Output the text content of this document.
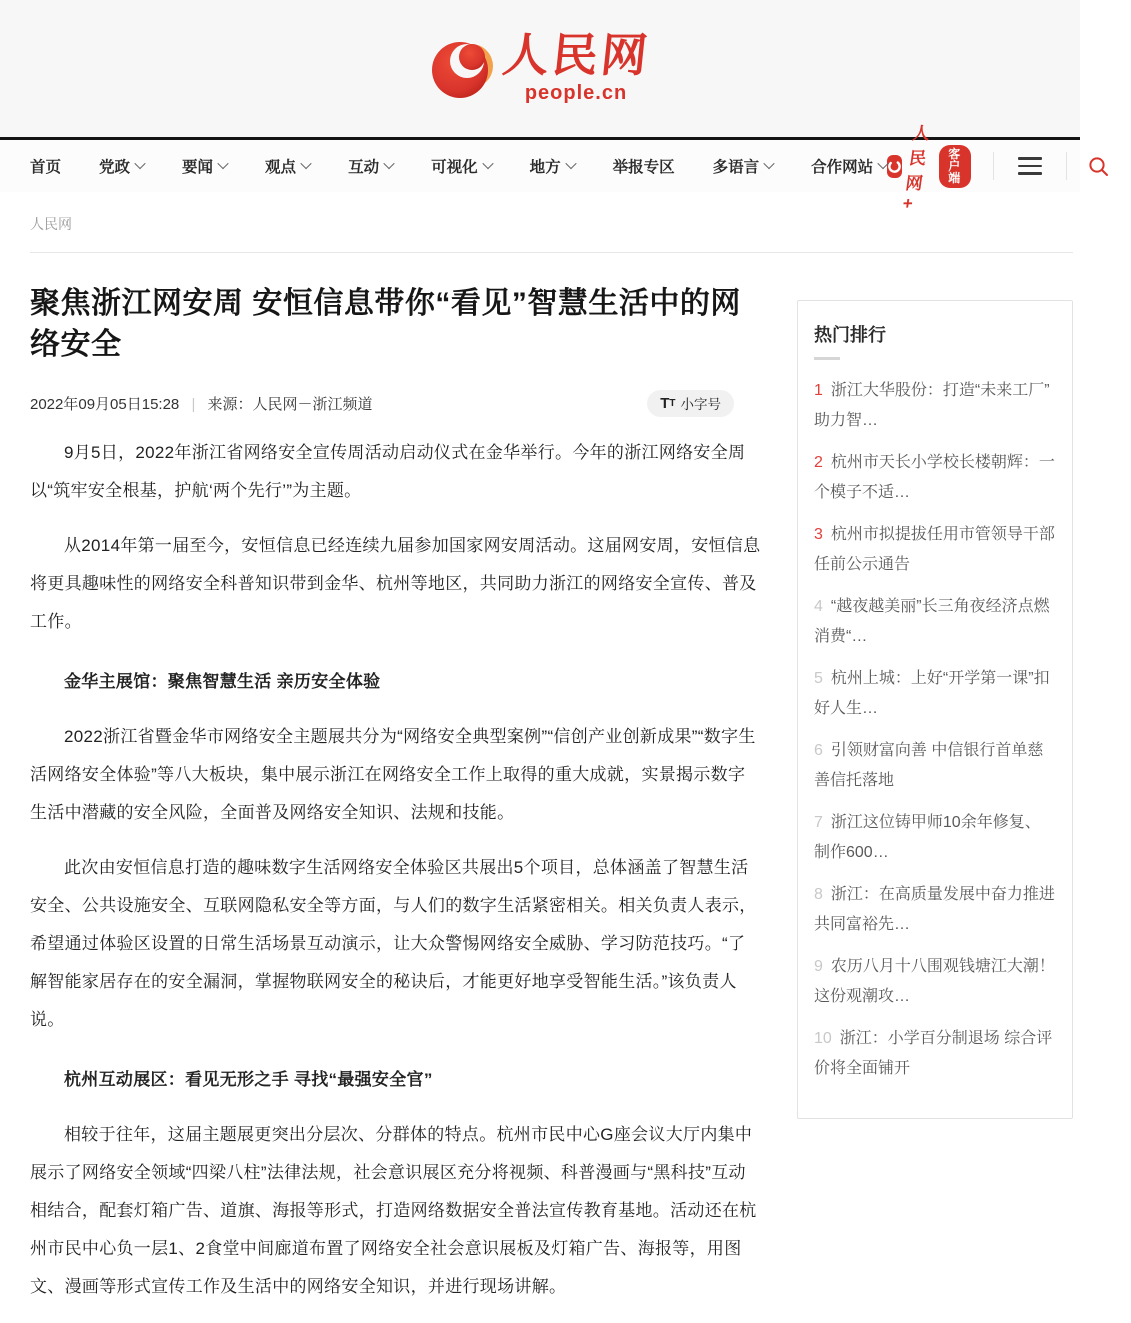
人民网
people.cn
首页 党政	要闻	观点	互动	可视化	地方	举报专区 多语言	合作网站
人民网+
客户端
人民网
聚焦浙江网安周 安恒信息带你“看见”智慧生活中的网络安全
2022年09月05日15:28 | 来源：人民网－浙江频道	T T 小字号

9月5日，2022年浙江省网络安全宣传周活动启动仪式在金华举行。今年的浙江网络安全周以“筑牢安全根基，护航‘两个先行’”为主题。

从2014年第一届至今，安恒信息已经连续九届参加国家网安周活动。这届网安周，安恒信息将更具趣味性的网络安全科普知识带到金华、杭州等地区，共同助力浙江的网络安全宣传、普及工作。

金华主展馆：聚焦智慧生活 亲历安全体验

2022浙江省暨金华市网络安全主题展共分为“网络安全典型案例”“信创产业创新成果”“数字生活网络安全体验”等八大板块，集中展示浙江在网络安全工作上取得的重大成就，实景揭示数字生活中潜藏的安全风险，全面普及网络安全知识、法规和技能。

此次由安恒信息打造的趣味数字生活网络安全体验区共展出5个项目，总体涵盖了智慧生活安全、公共设施安全、互联网隐私安全等方面，与人们的数字生活紧密相关。相关负责人表示，希望通过体验区设置的日常生活场景互动演示，让大众警惕网络安全威胁、学习防范技巧。“了解智能家居存在的安全漏洞，掌握物联网安全的秘诀后，才能更好地享受智能生活。”该负责人说。

杭州互动展区：看见无形之手 寻找“最强安全官”

相较于往年，这届主题展更突出分层次、分群体的特点。杭州市民中心G座会议大厅内集中展示了网络安全领域“四梁八柱”法律法规，社会意识展区充分将视频、科普漫画与“黑科技”互动相结合，配套灯箱广告、道旗、海报等形式，打造网络数据安全普法宣传教育基地。活动还在杭州市民中心负一层1、2食堂中间廊道布置了网络安全社会意识展板及灯箱广告、海报等，用图文、漫画等形式宣传工作及生活中的网络安全知识，并进行现场讲解。

热门排行
1 浙江大华股份：打造“未来工厂” 助力智…
2 杭州市天长小学校长楼朝辉：一个模子不适…
3 杭州市拟提拔任用市管领导干部任前公示通告
4 “越夜越美丽”长三角夜经济点燃消费“…
5 杭州上城：上好“开学第一课”扣好人生…
6 引领财富向善 中信银行首单慈善信托落地
7 浙江这位铸甲师10余年修复、制作600…
8 浙江：在高质量发展中奋力推进共同富裕先…
9 农历八月十八围观钱塘江大潮！这份观潮攻…
10 浙江：小学百分制退场 综合评价将全面铺开
